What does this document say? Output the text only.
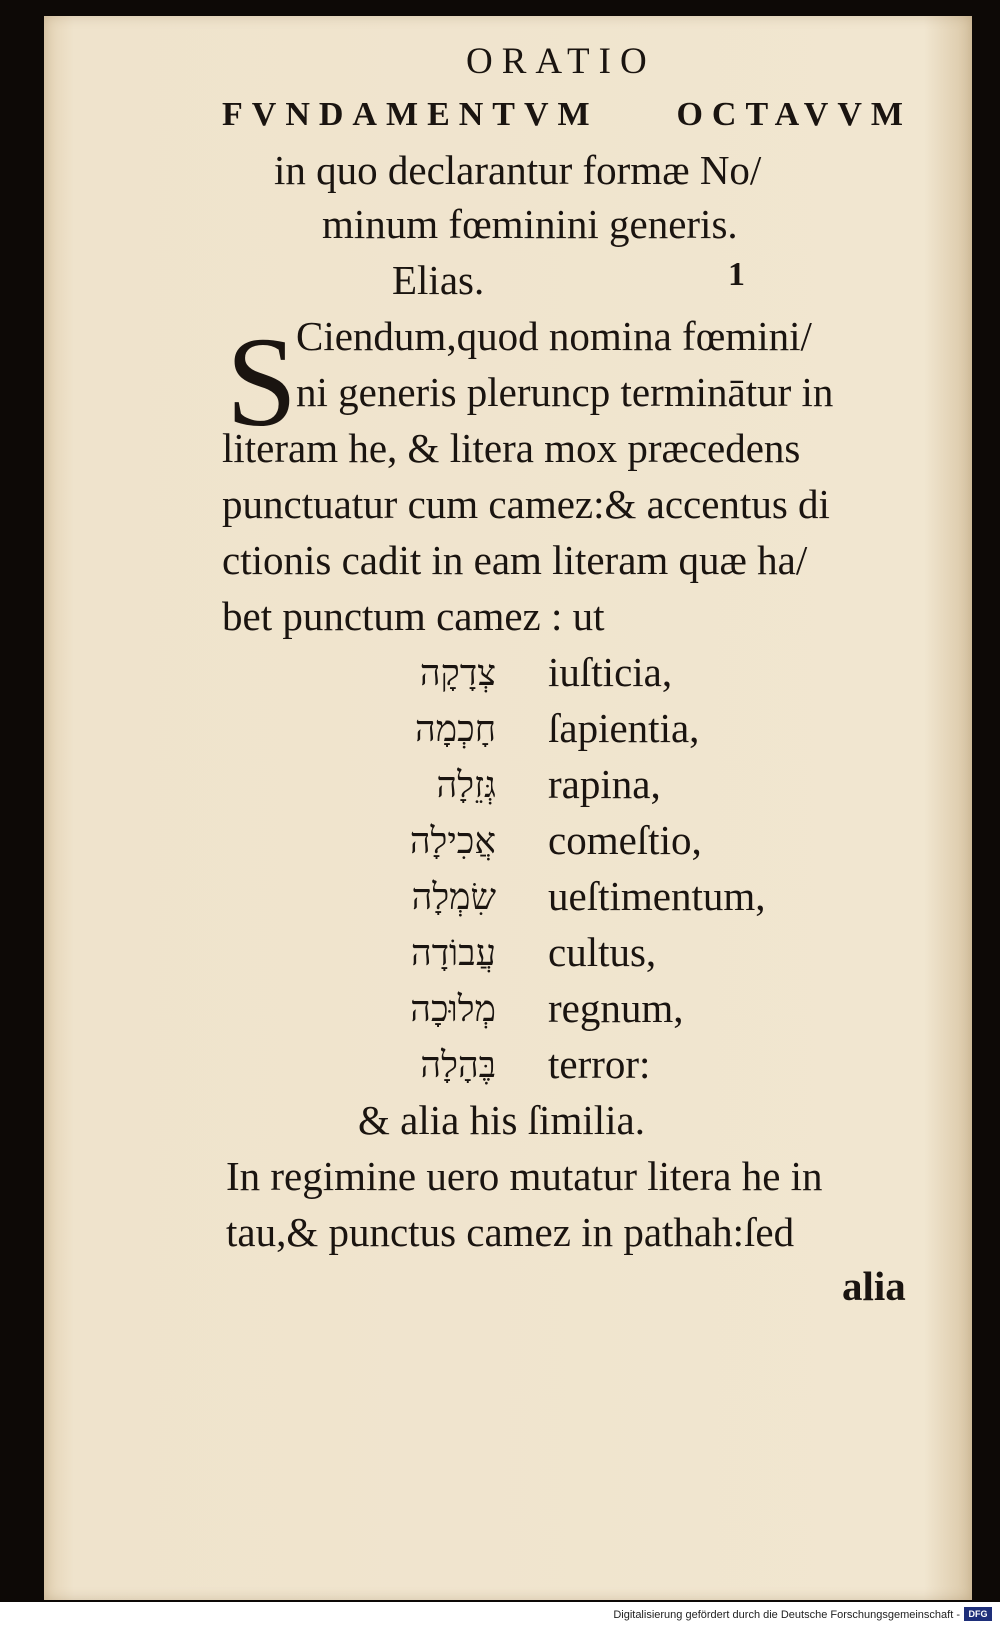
ORATIO
FVNDAMENTVM OCTAVVM
in quo declarantur formæ No/
minum fœminini generis.
Elias.	1
S
Ciendum,quod nomina fœmini/
ni generis pleruncp terminātur in
literam he, & litera mox præcedens
punctuatur cum camez:& accentus di
ctionis cadit in eam literam quæ ha/
bet punctum camez : ut
צְדָקָה iuſticia,
חָכְמָה ſapientia,
גְּזֵלָה rapina,
אֲכִילָה comeſtio,
שִׂמְלָה ueſtimentum,
עֲבוֹדָה cultus,
מְלוּכָה regnum,
בֶּהָלָה terror:
& alia his ſimilia.
In regimine uero mutatur litera he in
tau,& punctus camez in pathah:ſed
alia
Digitalisierung gefördert durch die Deutsche Forschungsgemeinschaft - DFG
